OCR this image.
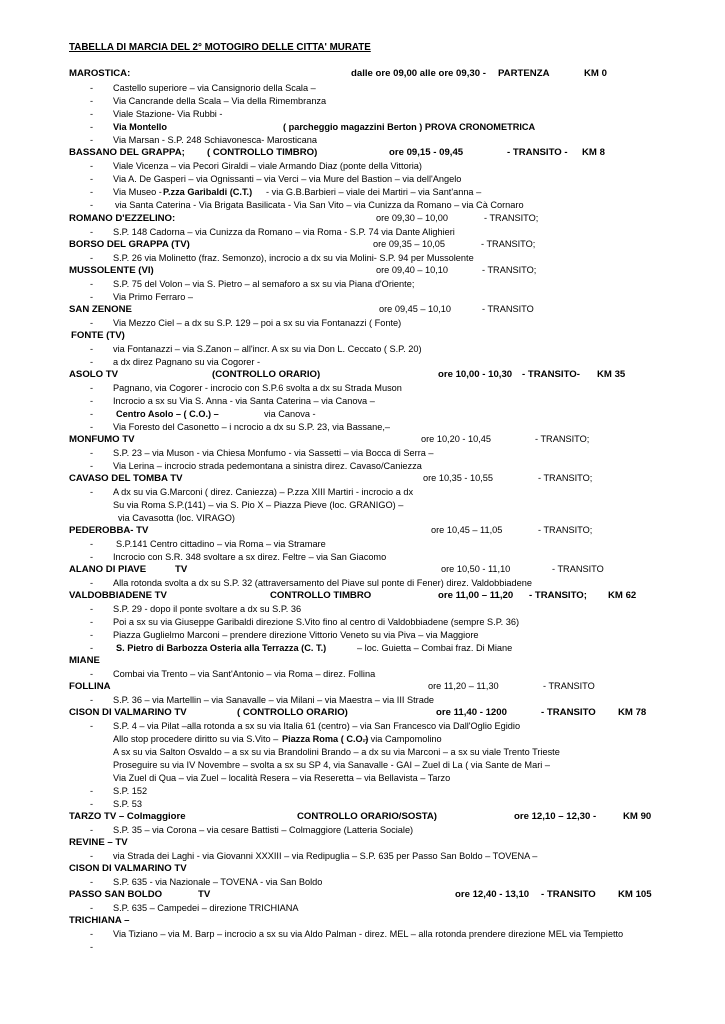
TABELLA DI MARCIA DEL 2° MOTOGIRO DELLE CITTA' MURATE
MAROSTICA:	dalle ore 09,00 alle ore 09,30 - PARTENZA	KM 0
- Castello superiore – via Cansignorio della Scala –
- Via Cancrande della Scala – Via della Rimembranza
- Viale Stazione- Via Rubbi -
- Via Montello	( parcheggio magazzini Berton ) PROVA CRONOMETRICA
- Via Marsan - S.P. 248 Schiavonesca- Marosticana
BASSANO DEL GRAPPA; ( CONTROLLO TIMBRO)	ore 09,15 - 09,45	- TRANSITO - KM 8
- Viale Vicenza – via Pecori Giraldi – viale Armando Diaz (ponte della Vittoria)
- Via A. De Gasperi – via Ognissanti – via Verci – via Mure del Bastion – via dell'Angelo
- Via Museo - P.zza Garibaldi (C.T.) - via G.B.Barbieri – viale dei Martiri – via Sant'anna –
- via Santa Caterina - Via Brigata Basilicata - Via San Vito – via Cunizza da Romano – via Cà Cornaro
ROMANO D'EZZELINO:	ore 09,30 – 10,00	- TRANSITO;
- S.P. 148 Cadorna – via Cunizza da Romano – via Roma - S.P. 74 via Dante Alighieri
BORSO DEL GRAPPA (TV)	ore 09,35 – 10,05	- TRANSITO;
- S.P. 26 via Molinetto (fraz. Semonzo), incrocio a dx su via Molini- S.P. 94 per Mussolente
MUSSOLENTE (VI)	ore 09,40 – 10,10	- TRANSITO;
- S.P. 75 del Volon – via S. Pietro – al semaforo a sx su via Piana d'Oriente;
- Via Primo Ferraro –
SAN ZENONE	ore 09,45 – 10,10	- TRANSITO
- Via Mezzo Ciel – a dx su S.P. 129 – poi a sx su via Fontanazzi ( Fonte)
FONTE (TV)
- via Fontanazzi – via S.Zanon – all'incr. A sx su via Don L. Ceccato ( S.P. 20)
- a dx direz Pagnano su via Cogorer -
ASOLO TV	(CONTROLLO ORARIO)	ore 10,00 - 10,30 - TRANSITO- KM 35
- Pagnano, via Cogorer - incrocio con S.P.6 svolta a dx su Strada Muson
- Incrocio a sx su Via S. Anna - via Santa Caterina – via Canova –
- Centro Asolo – ( C.O.) –	via Canova -
- Via Foresto del Casonetto – i ncrocio a dx su S.P. 23, via Bassane,–
MONFUMO TV	ore 10,20 - 10,45	- TRANSITO;
- S.P. 23 – via Muson - via Chiesa Monfumo - via Sassetti – via Bocca di Serra –
- Via Lerina – incrocio strada pedemontana a sinistra direz. Cavaso/Caniezza
CAVASO DEL TOMBA TV	ore 10,35 - 10,55	- TRANSITO;
- A dx su via G.Marconi ( direz. Caniezza) – P.zza XIII Martiri - incrocio a dx
Su via Roma S.P.(141) – via S. Pio X – Piazza Pieve (loc. GRANIGO) –
via Cavasotta (loc. VIRAGO)
PEDEROBBA- TV	ore 10,45 – 11,05	- TRANSITO;
- S.P.141 Centro cittadino – via Roma – via Stramare
- Incrocio con S.R. 348 svoltare a sx direz. Feltre – via San Giacomo
ALANO DI PIAVE	TV	ore 10,50 - 11,10	- TRANSITO
- Alla rotonda svolta a dx su S.P. 32 (attraversamento del Piave sul ponte di Fener) direz. Valdobbiadene
VALDOBBIADENE TV	CONTROLLO TIMBRO	ore 11,00 – 11,20 - TRANSITO; KM 62
- S.P. 29 - dopo il ponte svoltare a dx su S.P. 36
- Poi a sx su via Giuseppe Garibaldi direzione S.Vito fino al centro di Valdobbiadene (sempre S.P. 36)
- Piazza Guglielmo Marconi – prendere direzione Vittorio Veneto su via Piva – via Maggiore
- S. Pietro di Barbozza Osteria alla Terrazza (C. T.)	– loc. Guietta – Combai fraz. Di Miane
MIANE
- Combai via Trento – via Sant'Antonio – via Roma – direz. Follina
FOLLINA	ore 11,20 – 11,30	- TRANSITO
- S.P. 36 – via Martellin – via Sanavalle – via Milani – via Maestra – via III Strade
CISON DI VALMARINO TV	( CONTROLLO ORARIO)	ore 11,40 - 1200	- TRANSITO KM 78
- S.P. 4 – via Pilat –alla rotonda a sx su via Italia 61 (centro) – via San Francesco via Dall'Oglio Egidio
Allo stop procedere diritto su via S.Vito – Piazza Roma ( C.O.)
– via Campomolino
A sx su via Salton Osvaldo – a sx su via Brandolini Brando – a dx su via Marconi – a sx su viale Trento Trieste
Proseguire su via IV Novembre – svolta a sx su SP 4, via Sanavalle - GAI – Zuel di La ( via Sante de Mari –
Via Zuel di Qua – via Zuel – località Resera – via Reseretta – via Bellavista – Tarzo
- S.P. 152
- S.P. 53
TARZO TV – Colmaggiore	CONTROLLO ORARIO/SOSTA)	ore 12,10 – 12,30 -	KM 90
- S.P. 35 – via Corona – via cesare Battisti – Colmaggiore (Latteria Sociale)
REVINE – TV
- via Strada dei Laghi - via Giovanni XXXIII – via Redipuglia – S.P. 635 per Passo San Boldo – TOVENA –
CISON DI VALMARINO TV
- S.P. 635 - via Nazionale – TOVENA - via San Boldo
PASSO SAN BOLDO	TV	ore 12,40 - 13,10 - TRANSITO KM 105
- S.P. 635 – Campedei – direzione TRICHIANA
TRICHIANA –
- Via Tiziano – via M. Barp – incrocio a sx su via Aldo Palman - direz. MEL – alla rotonda prendere direzione MEL via Tempietto
-
